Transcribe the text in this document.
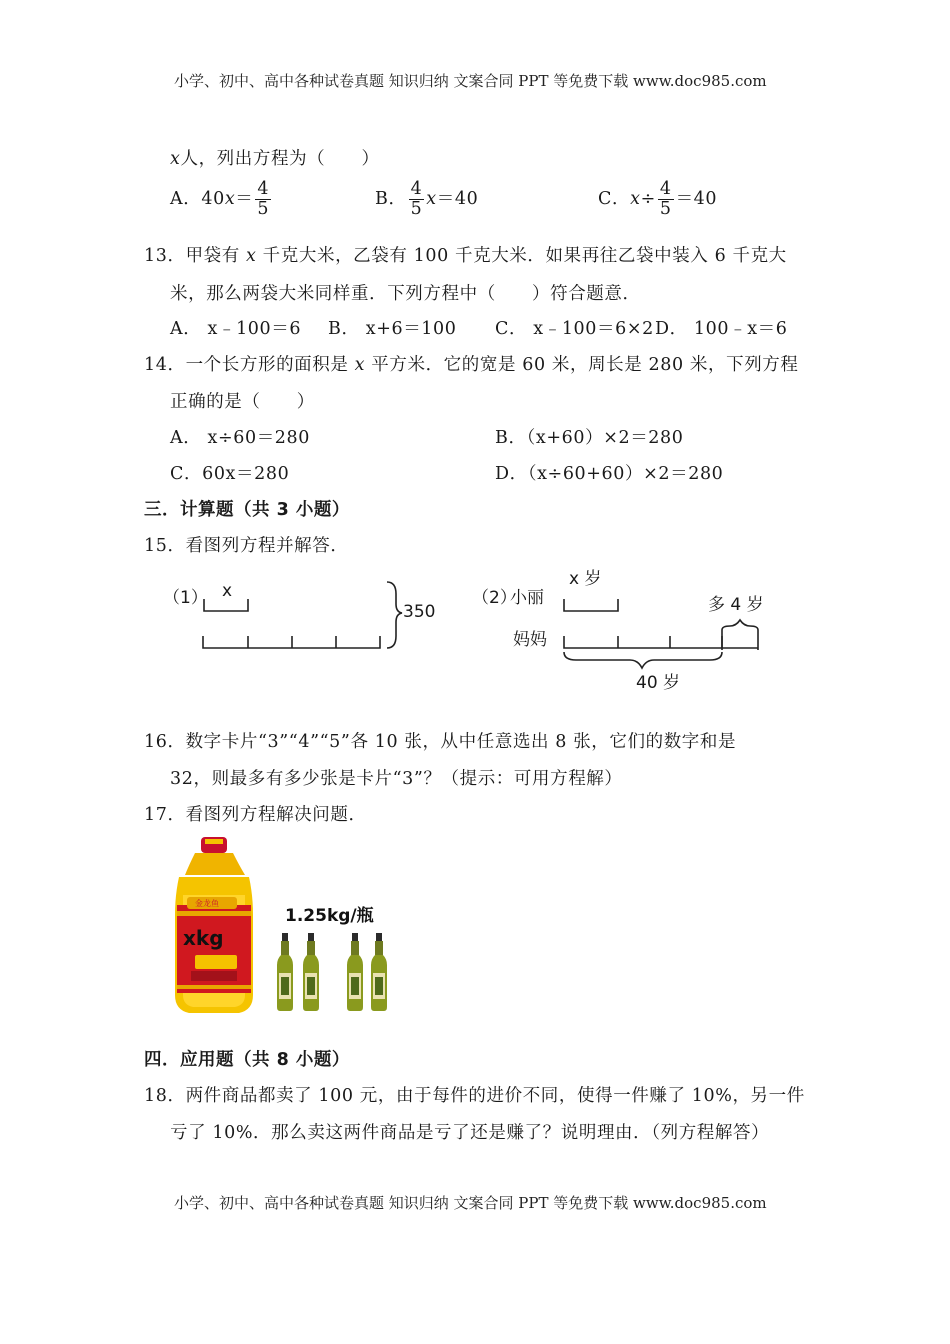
小学、初中、高中各种试卷真题 知识归纳 文案合同 PPT 等免费下载 www.doc985.com
x人，列出方程为（　　）
A．$40x= \frac{4}{5}$	B． $\frac{4}{5} x=40$	C．$x\div \frac{4}{5} =40$
13．甲袋有 x 千克大米，乙袋有 100 千克大米．如果再往乙袋中装入 6 千克大
米，那么两袋大米同样重．下列方程中（　　）符合题意．
A． x﹣100＝6 B． x+6＝100 C． x﹣100＝6×2 D． 100﹣x＝6
14．一个长方形的面积是 x 平方米．它的宽是 60 米，周长是 280 米，下列方程
正确的是（　　）
A． x÷60＝280	B．（x+60）×2＝280
C．60x＝280	D．（x÷60+60）×2＝280
三．计算题（共 3 小题）
15．看图列方程并解答．
（1） x
350
（2）
小丽
x 岁
多 4 岁
妈妈
40 岁
16．数字卡片“3”“4”“5”各 10 张，从中任意选出 8 张，它们的数字和是
32，则最多有多少张是卡片“3”？（提示：可用方程解）
17．看图列方程解决问题．
金龙鱼
xkg
1.25kg/瓶
四．应用题（共 8 小题）
18．两件商品都卖了 100 元，由于每件的进价不同，使得一件赚了 10%，另一件
亏了 10%．那么卖这两件商品是亏了还是赚了？说明理由．（列方程解答）
小学、初中、高中各种试卷真题 知识归纳 文案合同 PPT 等免费下载 www.doc985.com
